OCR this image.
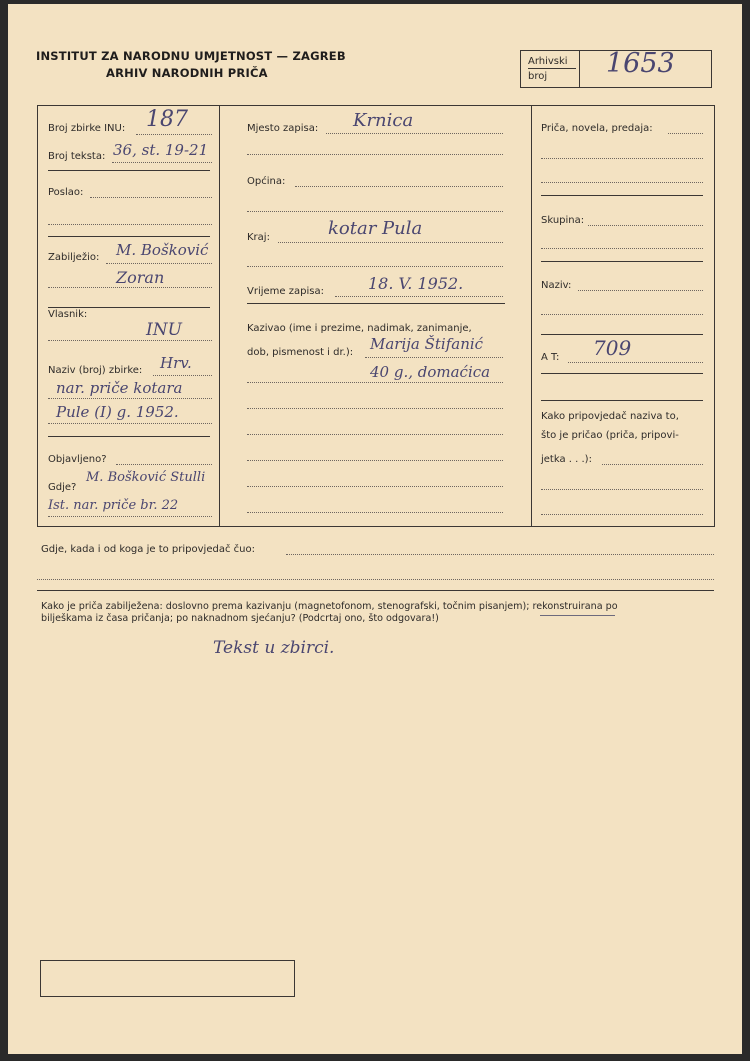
INSTITUT ZA NARODNU UMJETNOST — ZAGREB
ARHIV NARODNIH PRIČA
Arhivski
broj 1653
Broj zbirke INU: 187
Broj teksta: 36, st. 19-21
Poslao:
Zabilježio: M. Bošković
Zoran
Vlasnik:
INU
Naziv (broj) zbirke: Hrv.
nar. priče kotara
Pule (I) g. 1952.
Objavljeno?
Gdje?
M. Bošković Stulli
Ist. nar. priče br. 22
Mjesto zapisa: Krnica
Općina:
Kraj:	kotar Pula
Vrijeme zapisa:	18. V. 1952.
Kazivao (ime i prezime, nadimak, zanimanje,
dob, pismenost i dr.): Marija Štifanić
40 g., domaćica
Priča, novela, predaja:
Skupina:
Naziv:
A T: 709
Kako pripovjedač naziva to,
što je pričao (priča, pripovi-
jetka . . .):
Gdje, kada i od koga je to pripovjedač čuo:
Kako je priča zabilježena: doslovno prema kazivanju (magnetofonom, stenografski, točnim pisanjem); rekonstruirana po
bilješkama iz časa pričanja; po naknadnom sjećanju? (Podcrtaj ono, što odgovara!)
Tekst u zbirci.
